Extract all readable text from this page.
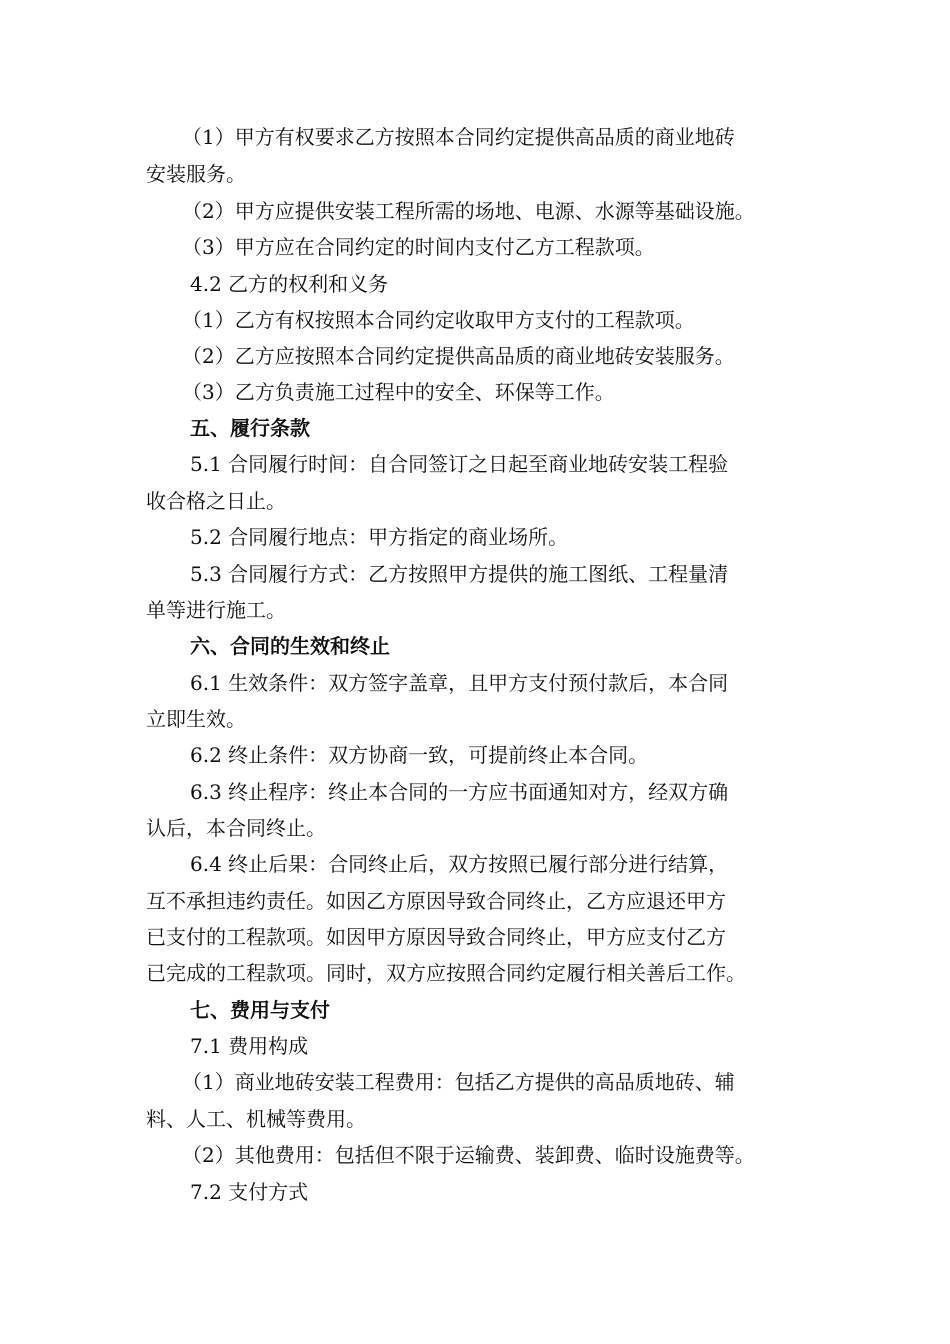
（1）甲方有权要求乙方按照本合同约定提供高品质的商业地砖
安装服务。
（2）甲方应提供安装工程所需的场地、电源、水源等基础设施。
（3）甲方应在合同约定的时间内支付乙方工程款项。
4.2 乙方的权利和义务
（1）乙方有权按照本合同约定收取甲方支付的工程款项。
（2）乙方应按照本合同约定提供高品质的商业地砖安装服务。
（3）乙方负责施工过程中的安全、环保等工作。
五、履行条款
5.1 合同履行时间：自合同签订之日起至商业地砖安装工程验
收合格之日止。
5.2 合同履行地点：甲方指定的商业场所。
5.3 合同履行方式：乙方按照甲方提供的施工图纸、工程量清
单等进行施工。
六、合同的生效和终止
6.1 生效条件：双方签字盖章，且甲方支付预付款后，本合同
立即生效。
6.2 终止条件：双方协商一致，可提前终止本合同。
6.3 终止程序：终止本合同的一方应书面通知对方，经双方确
认后，本合同终止。
6.4 终止后果：合同终止后，双方按照已履行部分进行结算，
互不承担违约责任。如因乙方原因导致合同终止，乙方应退还甲方
已支付的工程款项。如因甲方原因导致合同终止，甲方应支付乙方
已完成的工程款项。同时，双方应按照合同约定履行相关善后工作。
七、费用与支付
7.1 费用构成
（1）商业地砖安装工程费用：包括乙方提供的高品质地砖、辅
料、人工、机械等费用。
（2）其他费用：包括但不限于运输费、装卸费、临时设施费等。
7.2 支付方式
